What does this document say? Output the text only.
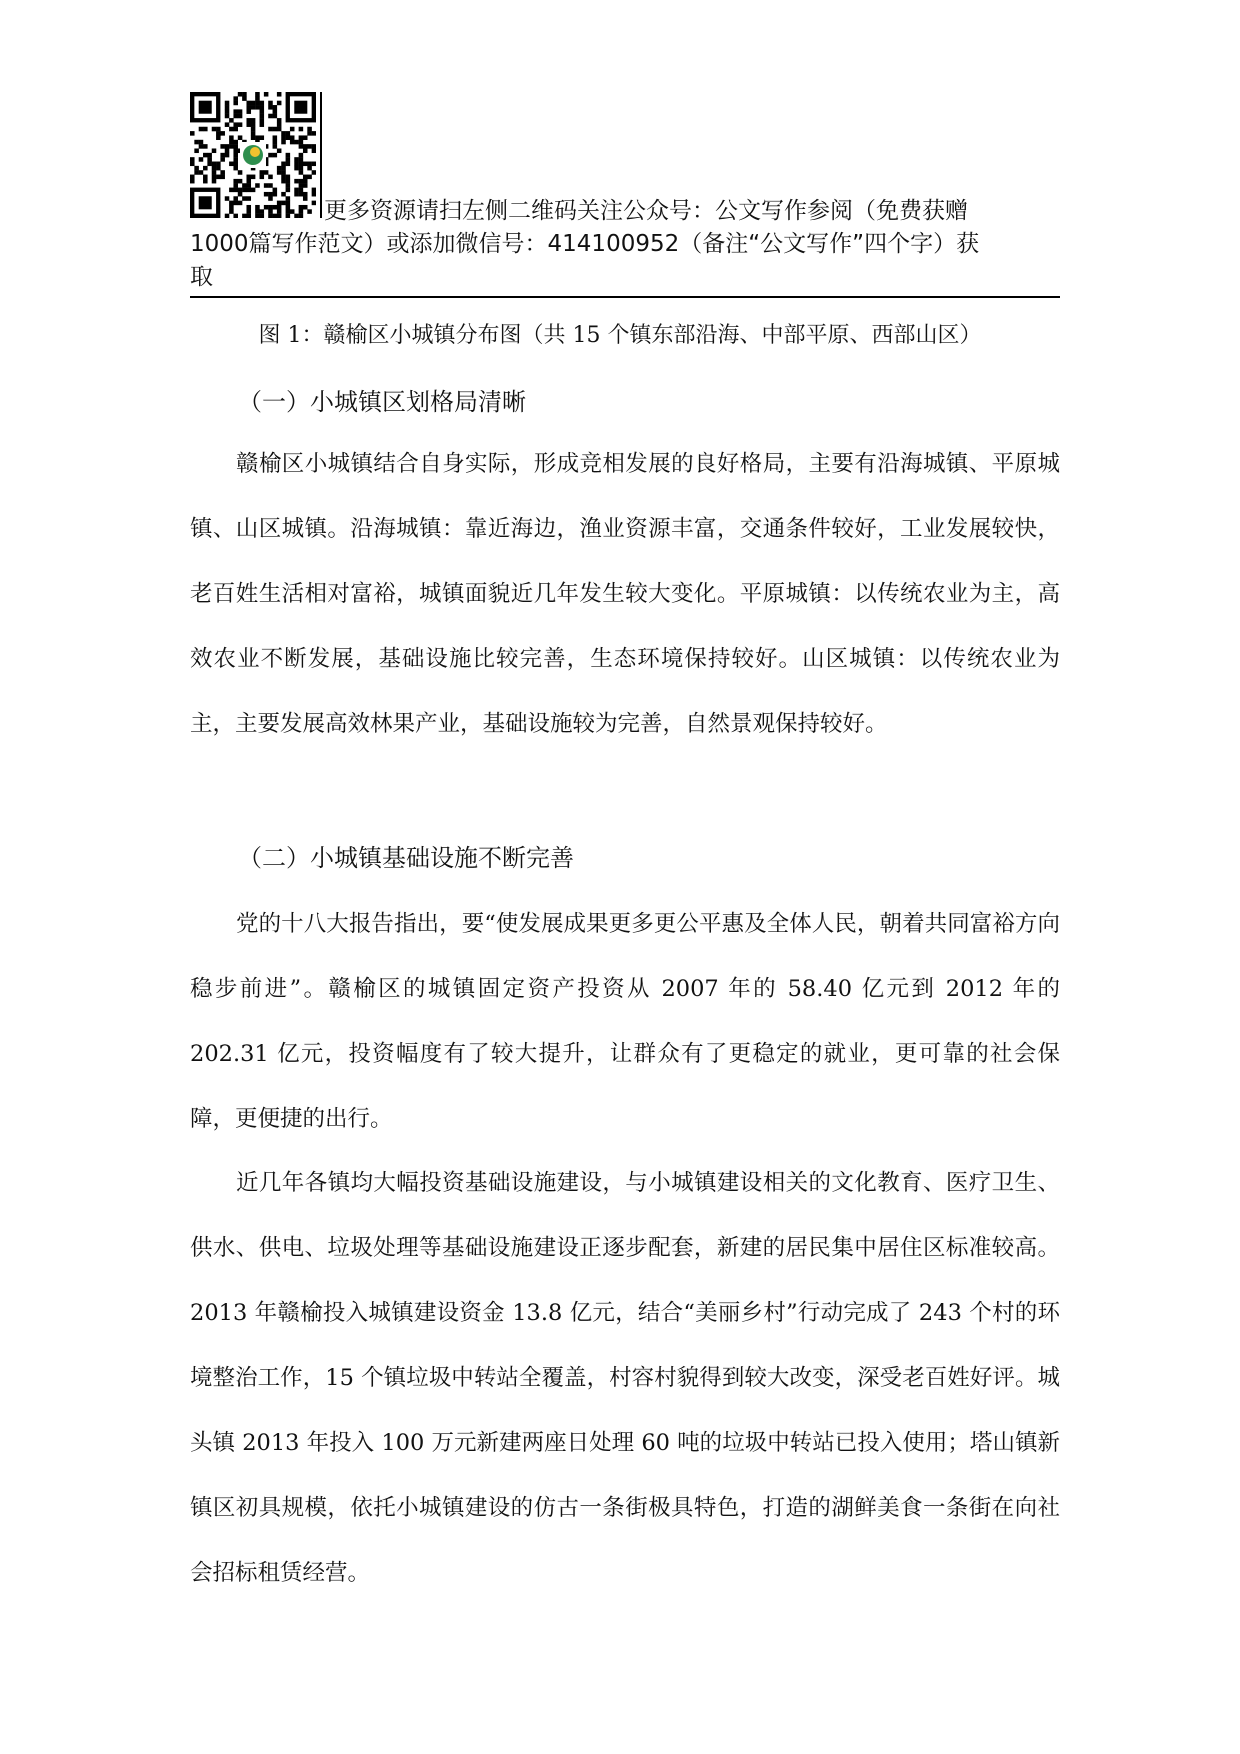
更多资源请扫左侧二维码关注公众号：公文写作参阅（免费获赠
1000篇写作范文）或添加微信号：414100952（备注“公文写作”四个字）获
取
图 1：赣榆区小城镇分布图（共 15 个镇东部沿海、中部平原、西部山区）
（一）小城镇区划格局清晰

赣榆区小城镇结合自身实际，形成竞相发展的良好格局，主要有沿海城镇、平原城镇、山区城镇。沿海城镇：靠近海边，渔业资源丰富，交通条件较好，工业发展较快，老百姓生活相对富裕，城镇面貌近几年发生较大变化。平原城镇：以传统农业为主，高效农业不断发展，基础设施比较完善，生态环境保持较好。山区城镇：以传统农业为主，主要发展高效林果产业，基础设施较为完善，自然景观保持较好。

（二）小城镇基础设施不断完善

党的十八大报告指出，要“使发展成果更多更公平惠及全体人民，朝着共同富裕方向稳步前进”。赣榆区的城镇固定资产投资从 2007 年的 58.40 亿元到 2012 年的 202.31 亿元，投资幅度有了较大提升，让群众有了更稳定的就业，更可靠的社会保障，更便捷的出行。

近几年各镇均大幅投资基础设施建设，与小城镇建设相关的文化教育、医疗卫生、供水、供电、垃圾处理等基础设施建设正逐步配套，新建的居民集中居住区标准较高。2013 年赣榆投入城镇建设资金 13.8 亿元，结合“美丽乡村”行动完成了 243 个村的环境整治工作，15 个镇垃圾中转站全覆盖，村容村貌得到较大改变，深受老百姓好评。城头镇 2013 年投入 100 万元新建两座日处理 60 吨的垃圾中转站已投入使用；塔山镇新镇区初具规模，依托小城镇建设的仿古一条街极具特色，打造的湖鲜美食一条街在向社会招标租赁经营。
